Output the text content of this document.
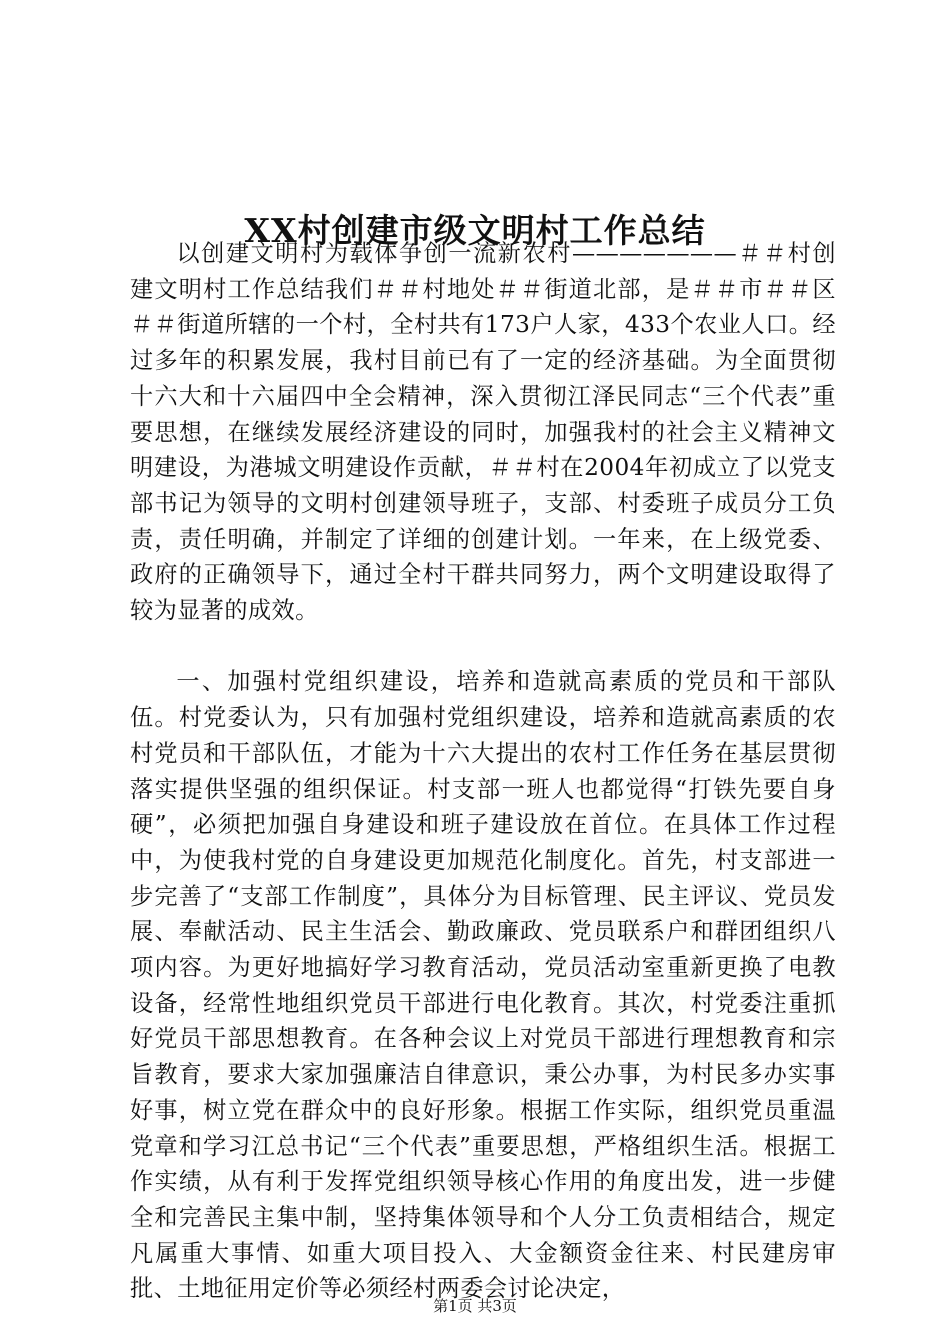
XX村创建市级文明村工作总结

以创建文明村为载体争创一流新农村———————＃＃村创建文明村工作总结我们＃＃村地处＃＃街道北部，是＃＃市＃＃区＃＃街道所辖的一个村，全村共有173户人家，433个农业人口。经过多年的积累发展，我村目前已有了一定的经济基础。为全面贯彻十六大和十六届四中全会精神，深入贯彻江泽民同志“三个代表”重要思想，在继续发展经济建设的同时，加强我村的社会主义精神文明建设，为港城文明建设作贡献，＃＃村在2004年初成立了以党支部书记为领导的文明村创建领导班子，支部、村委班子成员分工负责，责任明确，并制定了详细的创建计划。一年来，在上级党委、政府的正确领导下，通过全村干群共同努力，两个文明建设取得了较为显著的成效。

一、加强村党组织建设，培养和造就高素质的党员和干部队伍。村党委认为，只有加强村党组织建设，培养和造就高素质的农村党员和干部队伍，才能为十六大提出的农村工作任务在基层贯彻落实提供坚强的组织保证。村支部一班人也都觉得“打铁先要自身硬”，必须把加强自身建设和班子建设放在首位。在具体工作过程中，为使我村党的自身建设更加规范化制度化。首先，村支部进一步完善了“支部工作制度”，具体分为目标管理、民主评议、党员发展、奉献活动、民主生活会、勤政廉政、党员联系户和群团组织八项内容。为更好地搞好学习教育活动，党员活动室重新更换了电教设备，经常性地组织党员干部进行电化教育。其次，村党委注重抓好党员干部思想教育。在各种会议上对党员干部进行理想教育和宗旨教育，要求大家加强廉洁自律意识，秉公办事，为村民多办实事好事，树立党在群众中的良好形象。根据工作实际，组织党员重温党章和学习江总书记“三个代表”重要思想，严格组织生活。根据工作实绩，从有利于发挥党组织领导核心作用的角度出发，进一步健全和完善民主集中制，坚持集体领导和个人分工负责相结合，规定凡属重大事情、如重大项目投入、大金额资金往来、村民建房审批、土地征用定价等必须经村两委会讨论决定，

第1页 共3页
